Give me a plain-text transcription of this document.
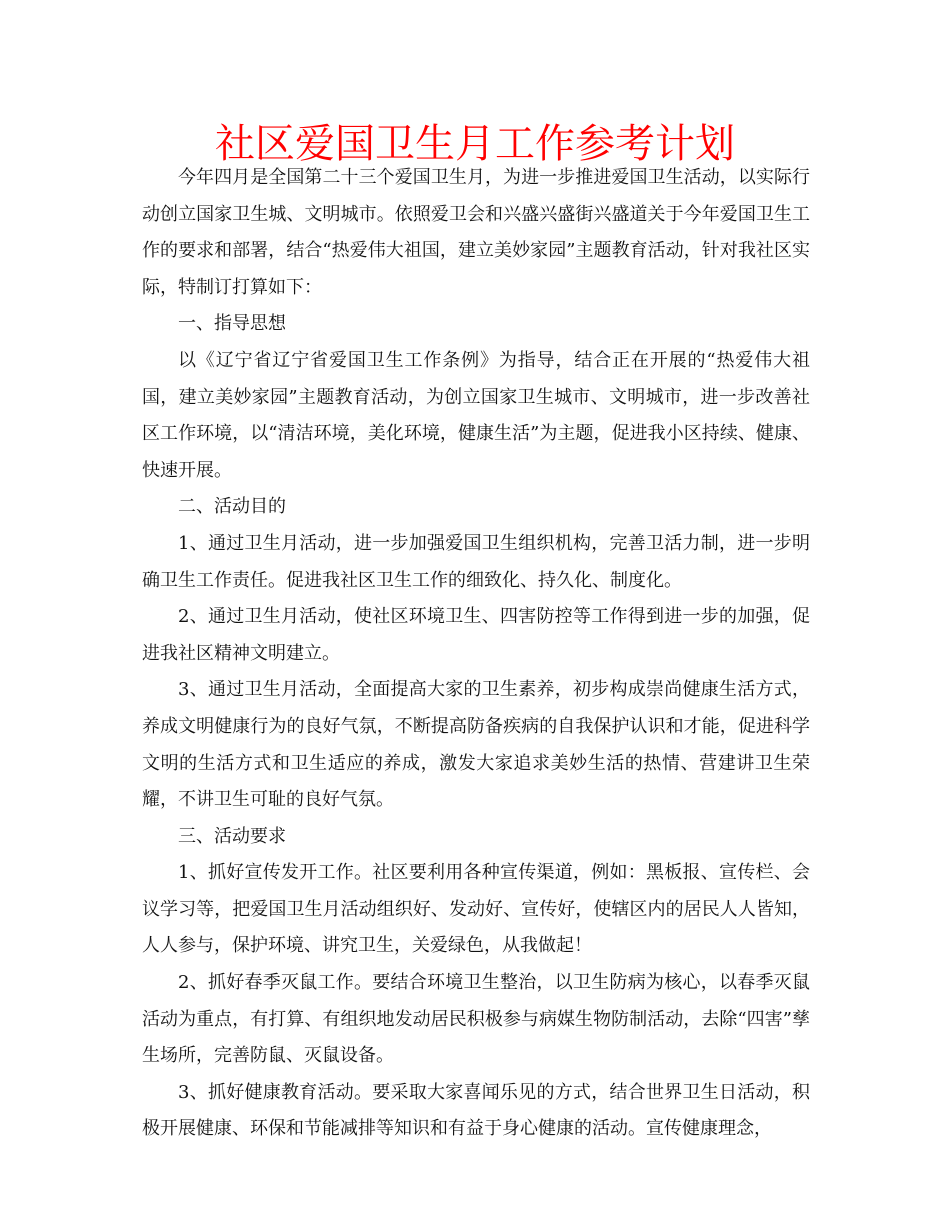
社区爱国卫生月工作参考计划

今年四月是全国第二十三个爱国卫生月，为进一步推进爱国卫生活动，以实际行动创立国家卫生城、文明城市。依照爱卫会和兴盛兴盛街兴盛道关于今年爱国卫生工作的要求和部署，结合“热爱伟大祖国，建立美妙家园”主题教育活动，针对我社区实际，特制订打算如下：

一、指导思想

以《辽宁省辽宁省爱国卫生工作条例》为指导，结合正在开展的“热爱伟大祖国，建立美妙家园”主题教育活动，为创立国家卫生城市、文明城市，进一步改善社区工作环境，以“清洁环境，美化环境，健康生活”为主题，促进我小区持续、健康、快速开展。

二、活动目的

1、通过卫生月活动，进一步加强爱国卫生组织机构，完善卫活力制，进一步明确卫生工作责任。促进我社区卫生工作的细致化、持久化、制度化。

2、通过卫生月活动，使社区环境卫生、四害防控等工作得到进一步的加强，促进我社区精神文明建立。

3、通过卫生月活动，全面提高大家的卫生素养，初步构成崇尚健康生活方式，养成文明健康行为的良好气氛，不断提高防备疾病的自我保护认识和才能，促进科学文明的生活方式和卫生适应的养成，激发大家追求美妙生活的热情、营建讲卫生荣耀，不讲卫生可耻的良好气氛。

三、活动要求

1、抓好宣传发开工作。社区要利用各种宣传渠道，例如：黑板报、宣传栏、会议学习等，把爱国卫生月活动组织好、发动好、宣传好，使辖区内的居民人人皆知，人人参与，保护环境、讲究卫生，关爱绿色，从我做起！

2、抓好春季灭鼠工作。要结合环境卫生整治，以卫生防病为核心，以春季灭鼠活动为重点，有打算、有组织地发动居民积极参与病媒生物防制活动，去除“四害”孳生场所，完善防鼠、灭鼠设备。

3、抓好健康教育活动。要采取大家喜闻乐见的方式，结合世界卫生日活动，积极开展健康、环保和节能减排等知识和有益于身心健康的活动。宣传健康理念，
